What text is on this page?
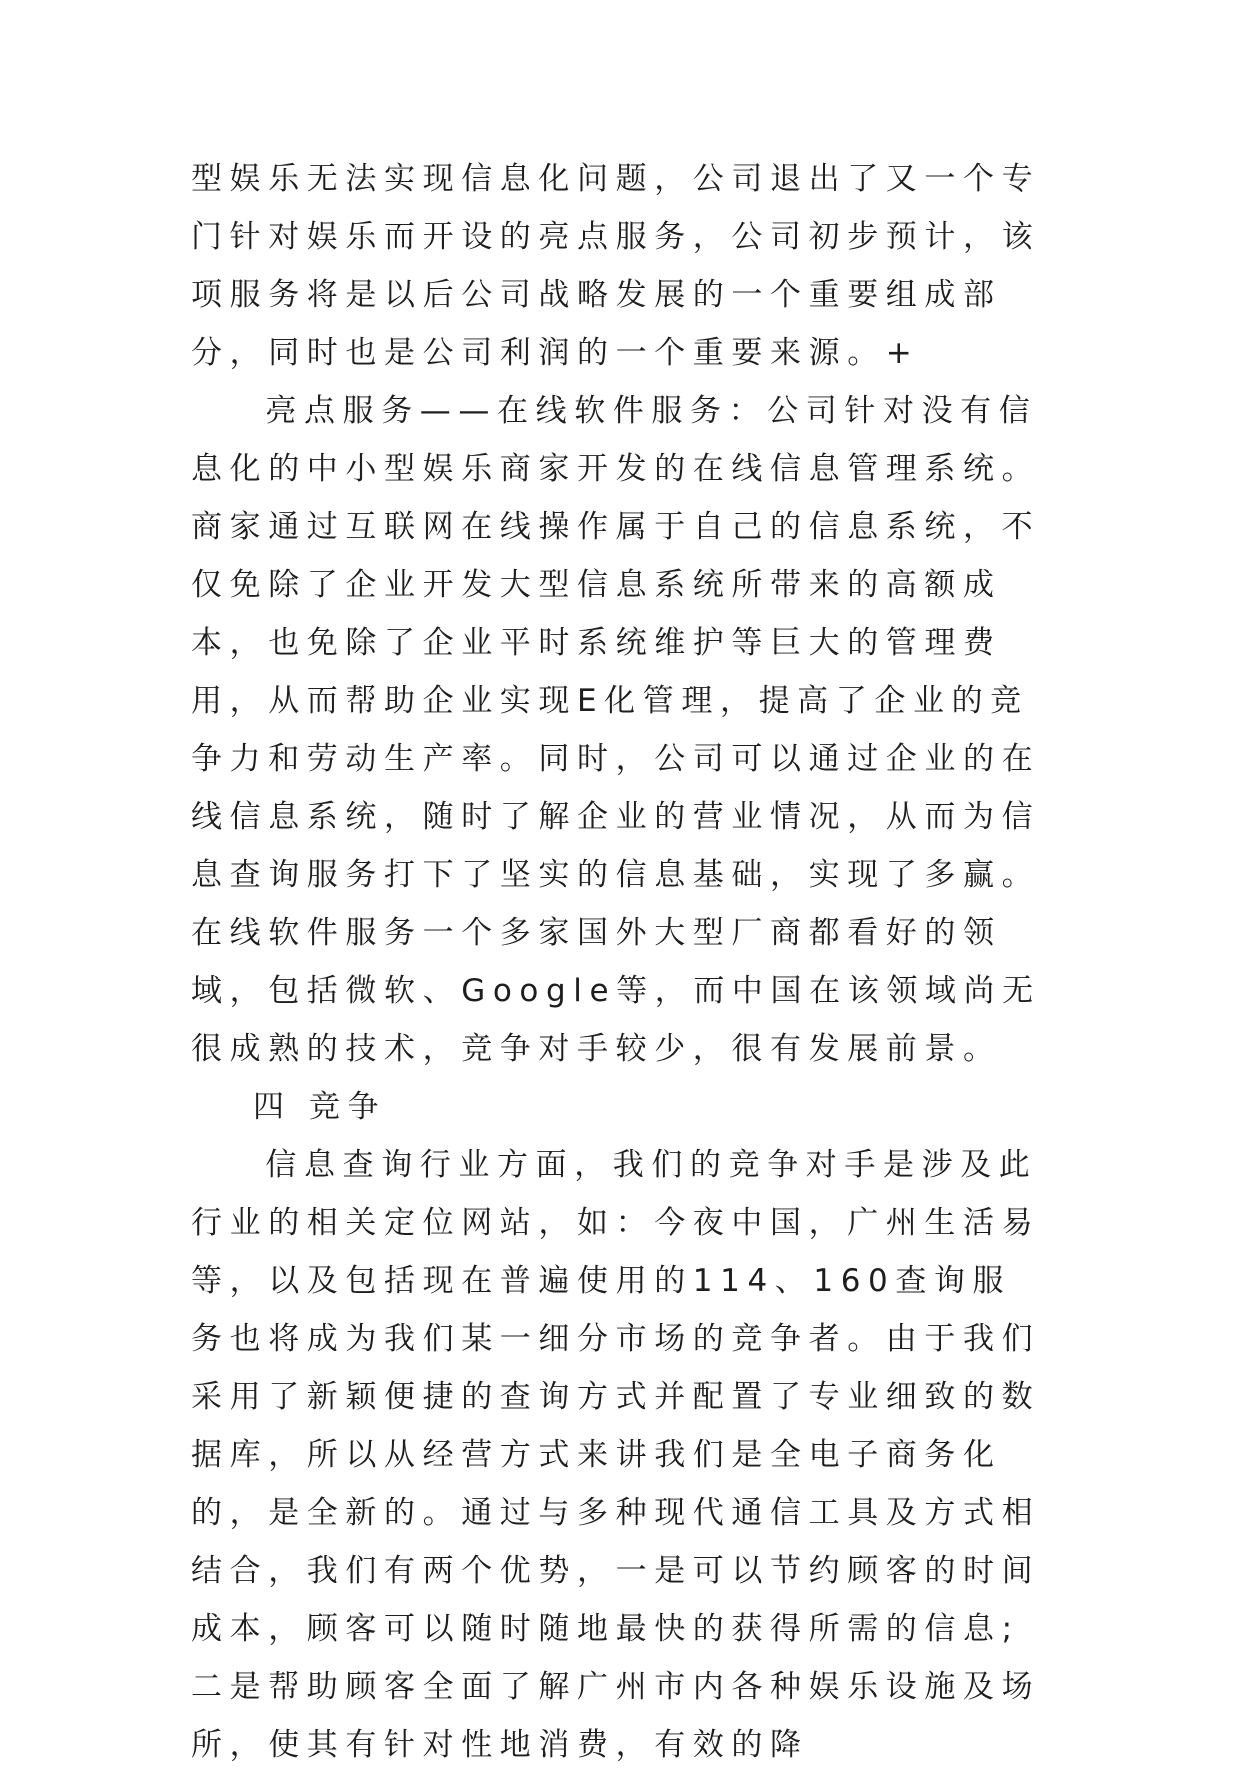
型娱乐无法实现信息化问题，公司退出了又一个专门针对娱乐而开设的亮点服务，公司初步预计，该项服务将是以后公司战略发展的一个重要组成部分，同时也是公司利润的一个重要来源。+

亮点服务——在线软件服务：公司针对没有信息化的中小型娱乐商家开发的在线信息管理系统。商家通过互联网在线操作属于自己的信息系统，不仅免除了企业开发大型信息系统所带来的高额成本，也免除了企业平时系统维护等巨大的管理费用，从而帮助企业实现E化管理，提高了企业的竞争力和劳动生产率。同时，公司可以通过企业的在线信息系统，随时了解企业的营业情况，从而为信息查询服务打下了坚实的信息基础，实现了多赢。在线软件服务一个多家国外大型厂商都看好的领域，包括微软、Google等，而中国在该领域尚无很成熟的技术，竞争对手较少，很有发展前景。

四 竞争

信息查询行业方面，我们的竞争对手是涉及此行业的相关定位网站，如：今夜中国，广州生活易等，以及包括现在普遍使用的114、160查询服务也将成为我们某一细分市场的竞争者。由于我们采用了新颖便捷的查询方式并配置了专业细致的数据库，所以从经营方式来讲我们是全电子商务化的，是全新的。通过与多种现代通信工具及方式相结合，我们有两个优势，一是可以节约顾客的时间成本，顾客可以随时随地最快的获得所需的信息;二是帮助顾客全面了解广州市内各种娱乐设施及场所，使其有针对性地消费，有效的降
